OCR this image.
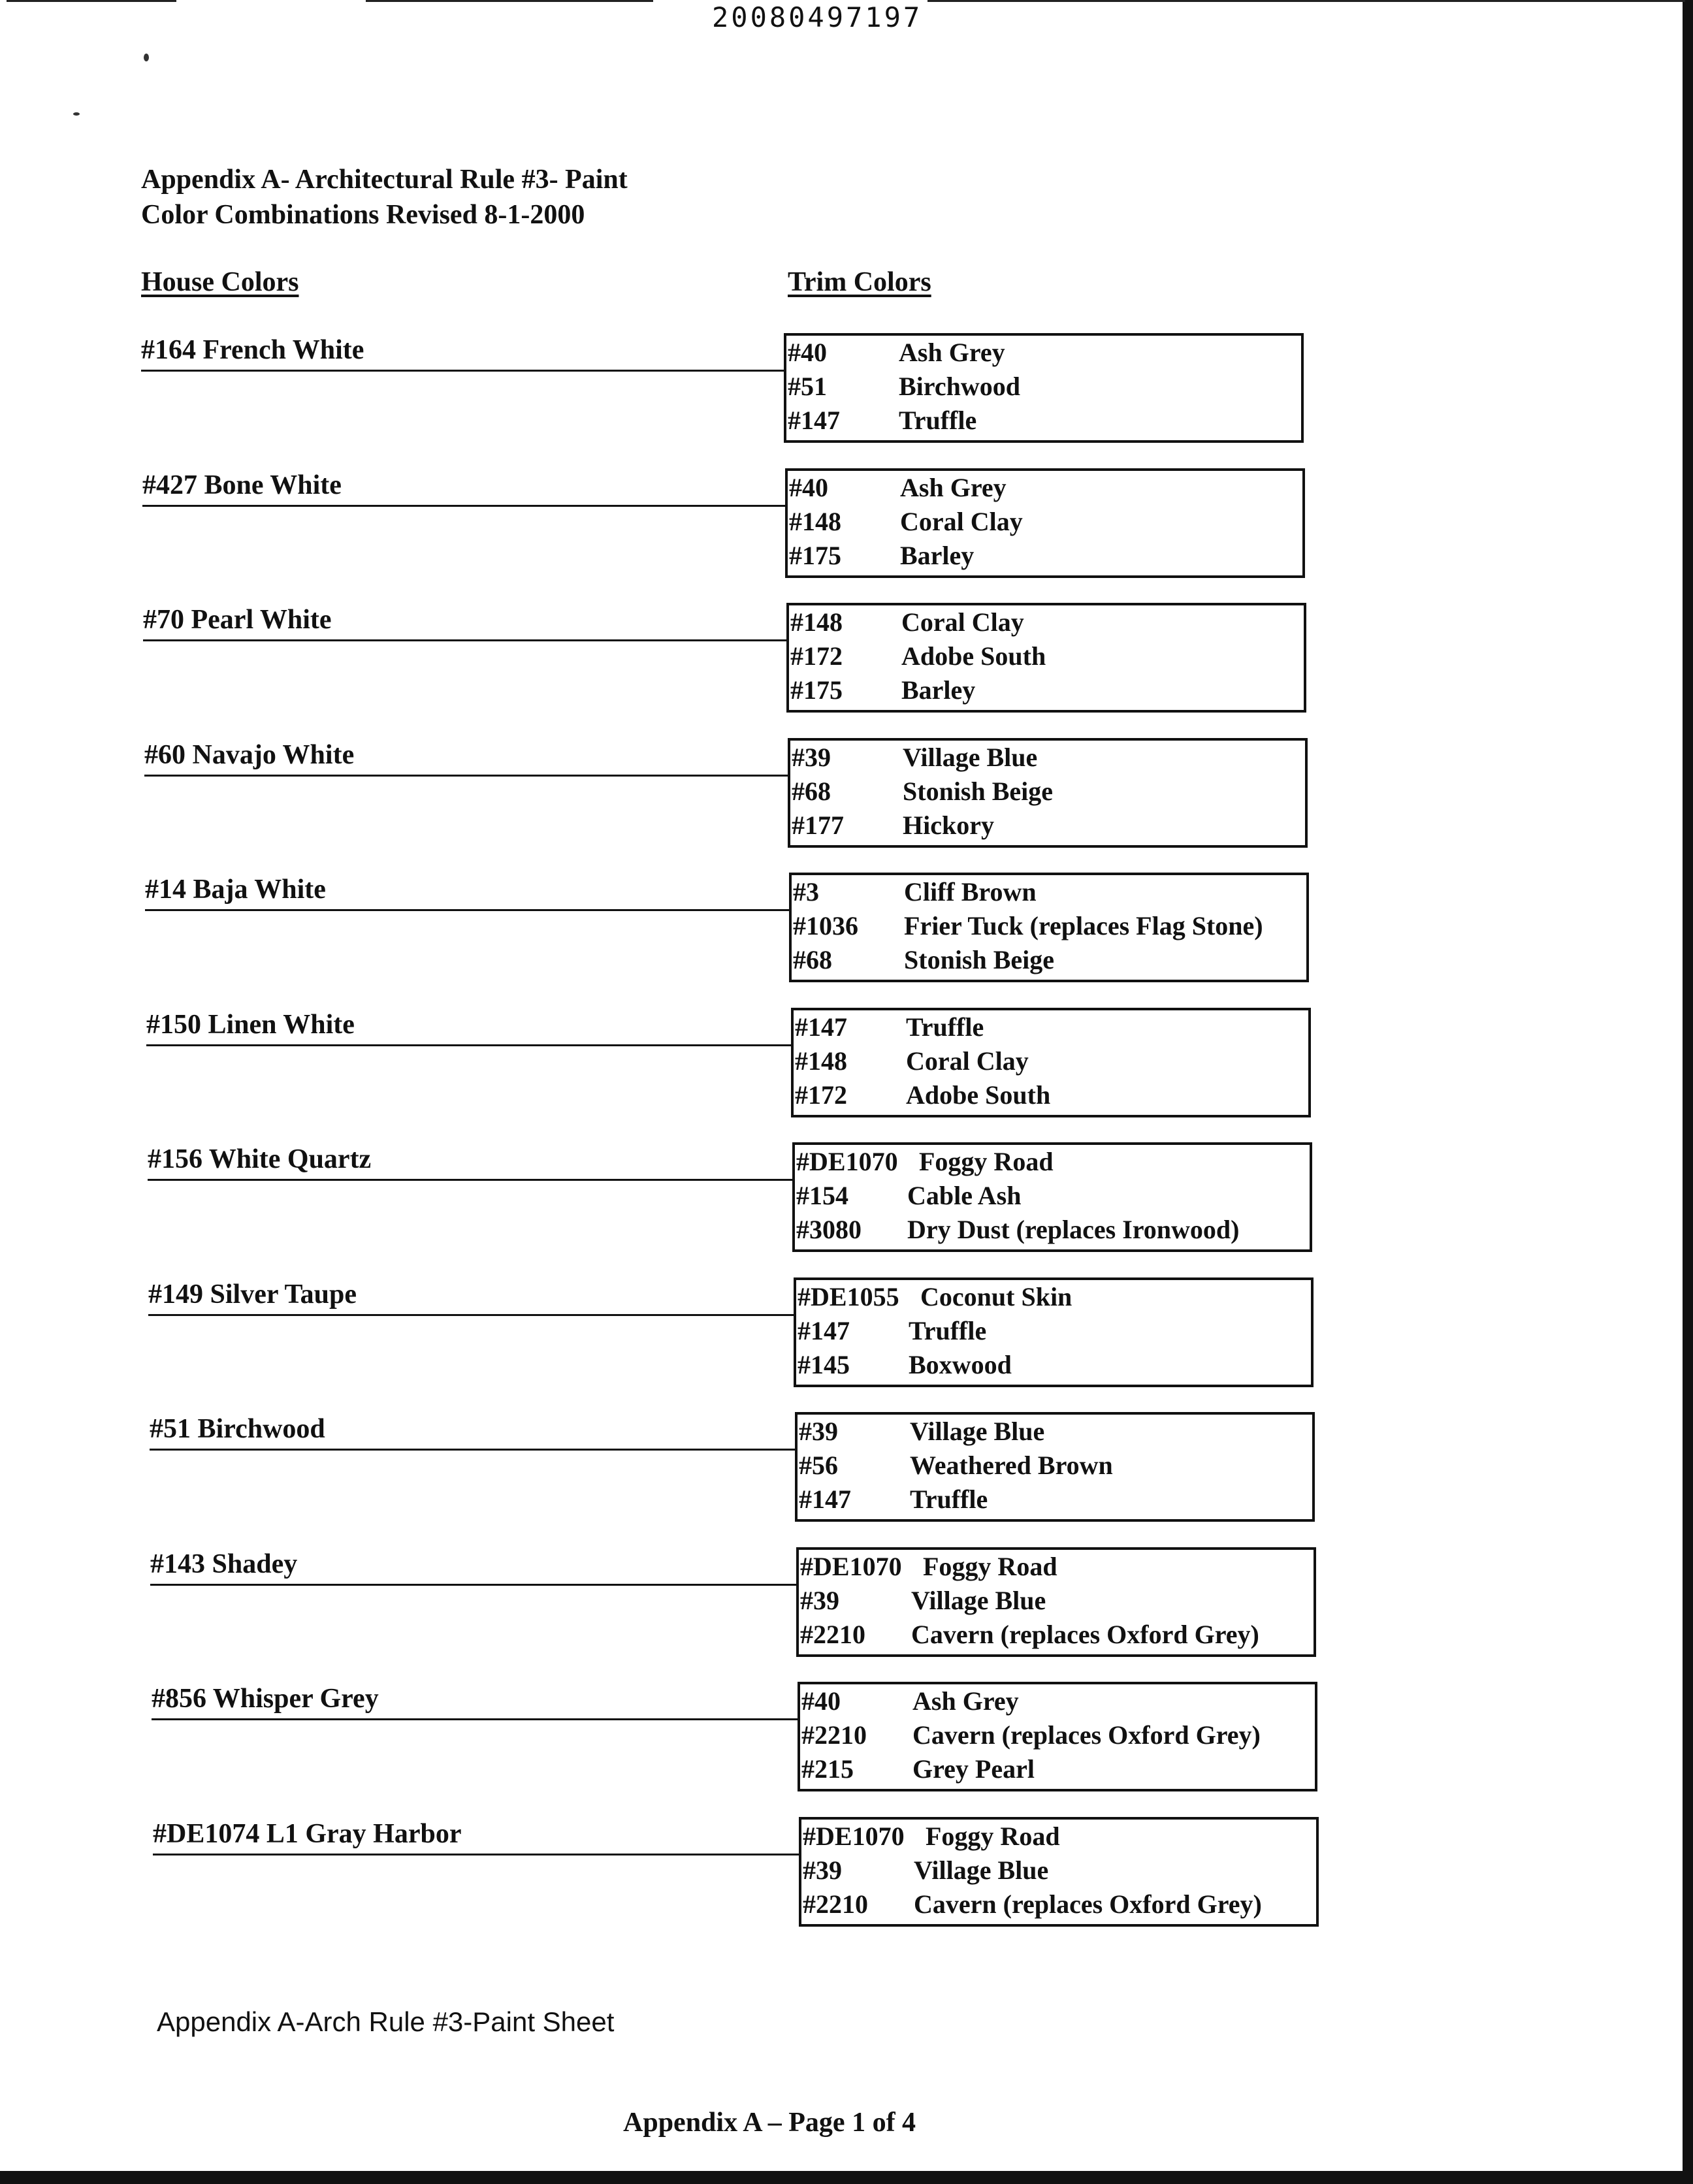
20080497197
Appendix A- Architectural Rule #3- Paint
Color Combinations Revised 8-1-2000
House Colors	Trim Colors
#164 French White	#40	Ash Grey
#51	Birchwood
#147 Truffle
#427 Bone White	#40	Ash Grey
#148 Coral Clay
#175 Barley
#70 Pearl White	#148 Coral Clay
#172 Adobe South
#175 Barley
#60 Navajo White	#39	Village Blue
#68	Stonish Beige
#177 Hickory
#14 Baja White	#3	Cliff Brown
#1036 Frier Tuck (replaces Flag Stone)
#68	Stonish Beige
#150 Linen White	#147 Truffle
#148 Coral Clay
#172 Adobe South
#156 White Quartz	#DE1070 Foggy Road
#154 Cable Ash
#3080 Dry Dust (replaces Ironwood)
#149 Silver Taupe	#DE1055 Coconut Skin
#147 Truffle
#145 Boxwood
#51 Birchwood	#39	Village Blue
#56	Weathered Brown
#147 Truffle
#143 Shadey	#DE1070 Foggy Road
#39	Village Blue
#2210 Cavern (replaces Oxford Grey)
#856 Whisper Grey	#40	Ash Grey
#2210 Cavern (replaces Oxford Grey)
#215 Grey Pearl
#DE1074 L1 Gray Harbor	#DE1070 Foggy Road
#39	Village Blue
#2210 Cavern (replaces Oxford Grey)
Appendix A-Arch Rule #3-Paint Sheet
Appendix A – Page 1 of 4
